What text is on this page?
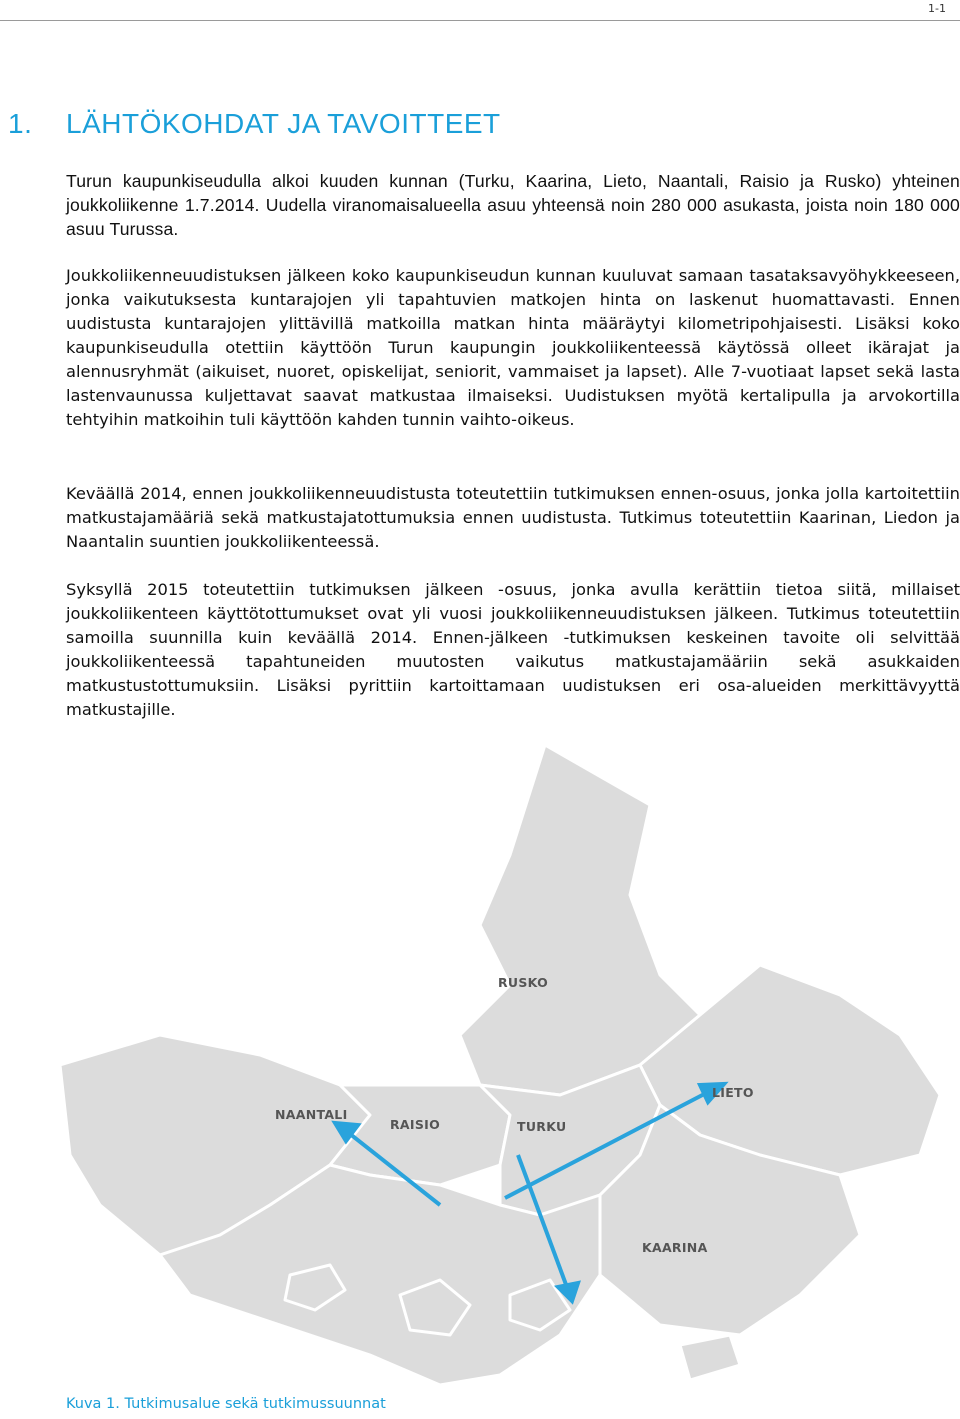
1-1
1. LÄHTÖKOHDAT JA TAVOITTEET

Turun kaupunkiseudulla alkoi kuuden kunnan (Turku, Kaarina, Lieto, Naantali, Raisio ja Rusko) yhteinen joukkoliikenne 1.7.2014. Uudella viranomaisalueella asuu yhteensä noin 280 000 asukasta, joista noin 180 000 asuu Turussa.

Joukkoliikenneuudistuksen jälkeen koko kaupunkiseudun kunnan kuuluvat samaan tasataksavyöhykkeeseen, jonka vaikutuksesta kuntarajojen yli tapahtuvien matkojen hinta on laskenut huomattavasti. Ennen uudistusta kuntarajojen ylittävillä matkoilla matkan hinta määräytyi kilometripohjaisesti. Lisäksi koko kaupunkiseudulla otettiin käyttöön Turun kaupungin joukkoliikenteessä käytössä olleet ikärajat ja alennusryhmät (aikuiset, nuoret, opiskelijat, seniorit, vammaiset ja lapset). Alle 7-vuotiaat lapset sekä lasta lastenvaunussa kuljettavat saavat matkustaa ilmaiseksi. Uudistuksen myötä kertalipulla ja arvokortilla tehtyihin matkoihin tuli käyttöön kahden tunnin vaihto-oikeus.

Keväällä 2014, ennen joukkoliikenneuudistusta toteutettiin tutkimuksen ennen-osuus, jonka jolla kartoitettiin matkustajamääriä sekä matkustajatottumuksia ennen uudistusta. Tutkimus toteutettiin Kaarinan, Liedon ja Naantalin suuntien joukkoliikenteessä.

Syksyllä 2015 toteutettiin tutkimuksen jälkeen -osuus, jonka avulla kerättiin tietoa siitä, millaiset joukkoliikenteen käyttötottumukset ovat yli vuosi joukkoliikenneuudistuksen jälkeen. Tutkimus toteutettiin samoilla suunnilla kuin keväällä 2014. Ennen-jälkeen -tutkimuksen keskeinen tavoite oli selvittää joukkoliikenteessä tapahtuneiden muutosten vaikutus matkustajamääriin sekä asukkaiden matkustustottumuksiin. Lisäksi pyrittiin kartoittamaan uudistuksen eri osa-alueiden merkittävyyttä matkustajille.

RUSKO
LIETO
NAANTALI
RAISIO	TURKU
KAARINA
Kuva 1. Tutkimusalue sekä tutkimussuunnat
